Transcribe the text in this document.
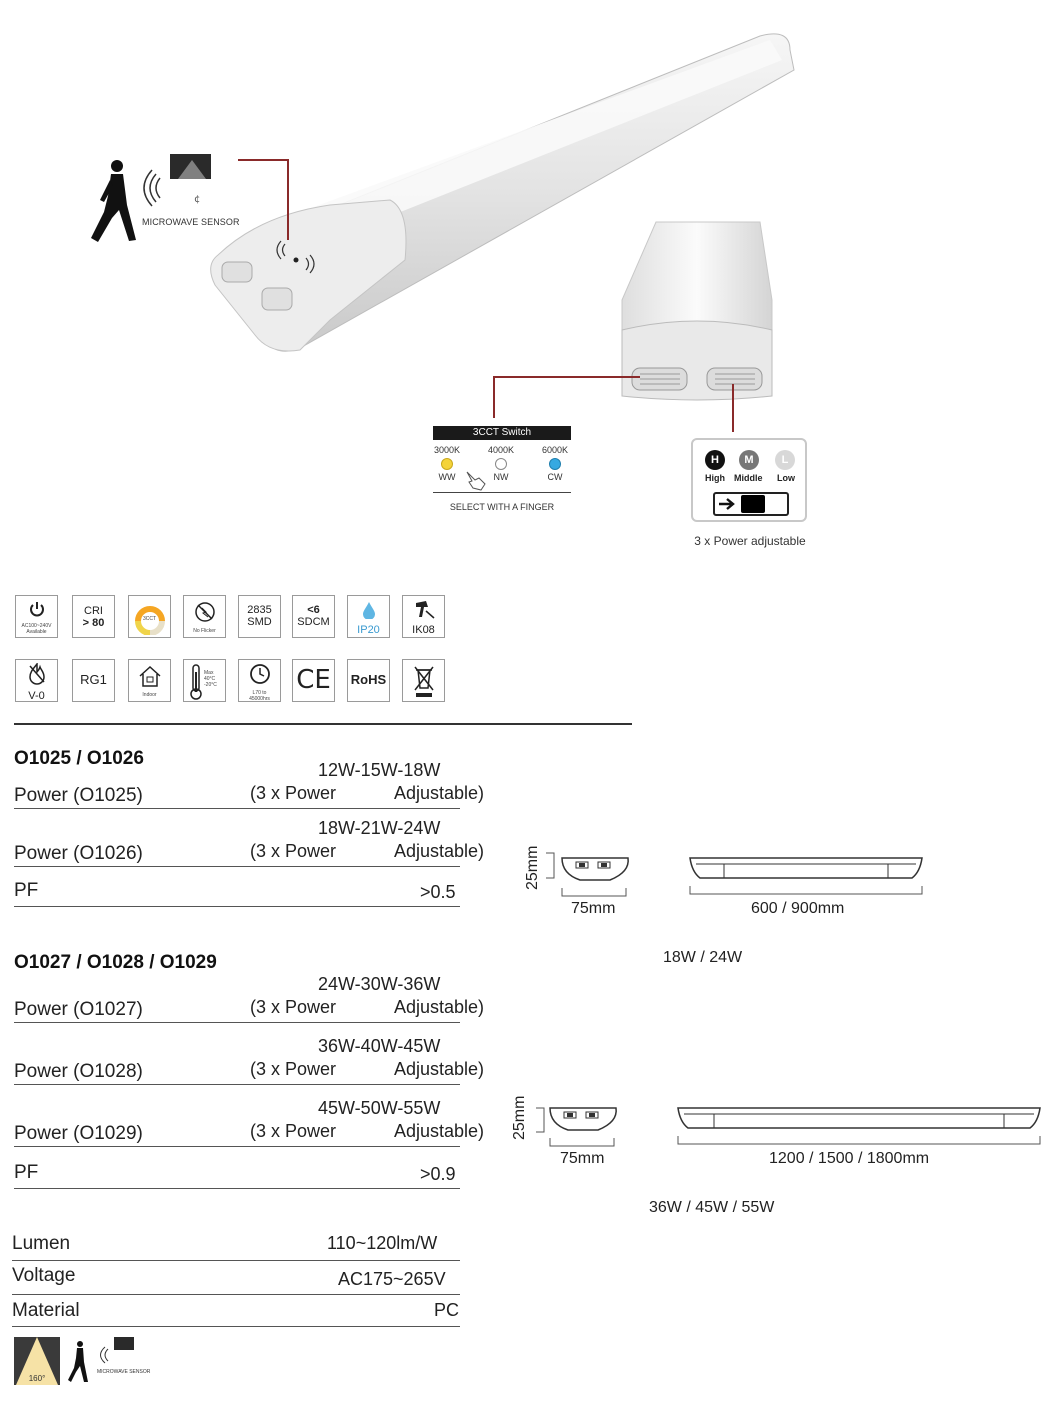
¢
MICROWAVE SENSOR
3CCT Switch
3000K
WW
4000K
NW
6000K
CW
SELECT WITH A FINGER
H	M	L
High Middle Low
3 x Power adjustable
AC100~240V
Available
CRI
> 80	3CCT
No Flicker
2835
SMD
<6
SDCM
IP20	IK08
V-0
RG1
Indoor
Max
40°C
-20°C
L70 to
45000hrs
CE RoHS
O1025 / O1026
12W-15W-18W
Power (O1025)	(3 x Power	Adjustable)
18W-21W-24W
Power (O1026)	(3 x Power	Adjustable)
PF	>0.5
25mm
75mm	600 / 900mm
18W / 24W
O1027 / O1028 / O1029
24W-30W-36W
Power (O1027)	(3 x Power	Adjustable)
36W-40W-45W
Power (O1028)	(3 x Power	Adjustable)
45W-50W-55W
Power (O1029)	(3 x Power	Adjustable)
PF	>0.9
25mm
75mm	1200 / 1500 / 1800mm
36W / 45W / 55W
Lumen	110~120lm/W
Voltage	AC175~265V
Material	PC
160°
MICROWAVE SENSOR
